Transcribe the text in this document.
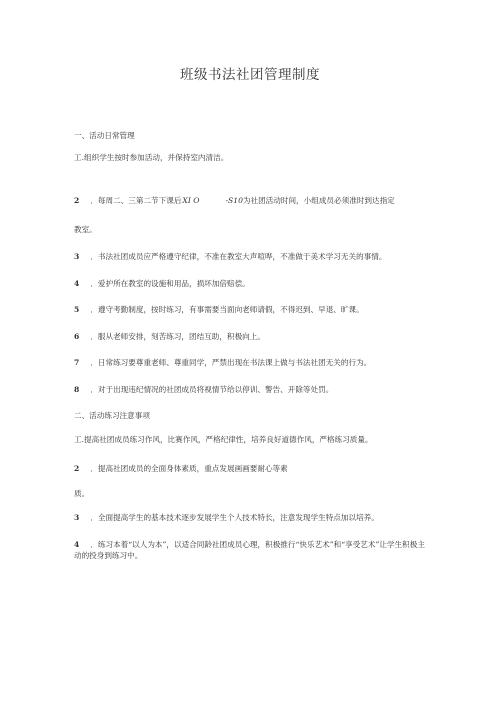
班级书法社团管理制度
一、活动日常管理
工.组织学生按时参加活动，并保持室内清洁。
2 ．每周二、三第二节下课后XI O	-S10为社团活动时间，小组成员必须准时到达指定
教室。
3 ．书法社团成员应严格遵守纪律，不准在教室大声喧哗，不准做于美术学习无关的事情。
4 ．爱护所在教室的设施和用品，损坏加倍赔偿。
5 ．遵守考勤制度，按时练习，有事需要当面向老师请假，不得迟到、早退、旷课。
6 ．服从老师安排，刻苦练习，团结互助，积极向上。
7 ．日常练习要尊重老师、尊重同学，严禁出现在书法课上做与书法社团无关的行为。
8 ．对于出现违纪情况的社团成员将视情节给以停训、警告、开除等处罚。
二、活动练习注意事项
工.提高社团成员练习作风，比赛作风，严格纪律性，培养良好道德作风，严格练习质量。
2 ．提高社团成员的全面身体素质，重点发展画画要耐心等素
质。
3 ．全面提高学生的基本技术逐步发展学生个人技术特长，注意发现学生特点加以培养。
4 ．练习本着“以人为本”，以适合同龄社团成员心理，积极推行“快乐艺术”和“享受艺术”让学生积极主动的投身到练习中。
